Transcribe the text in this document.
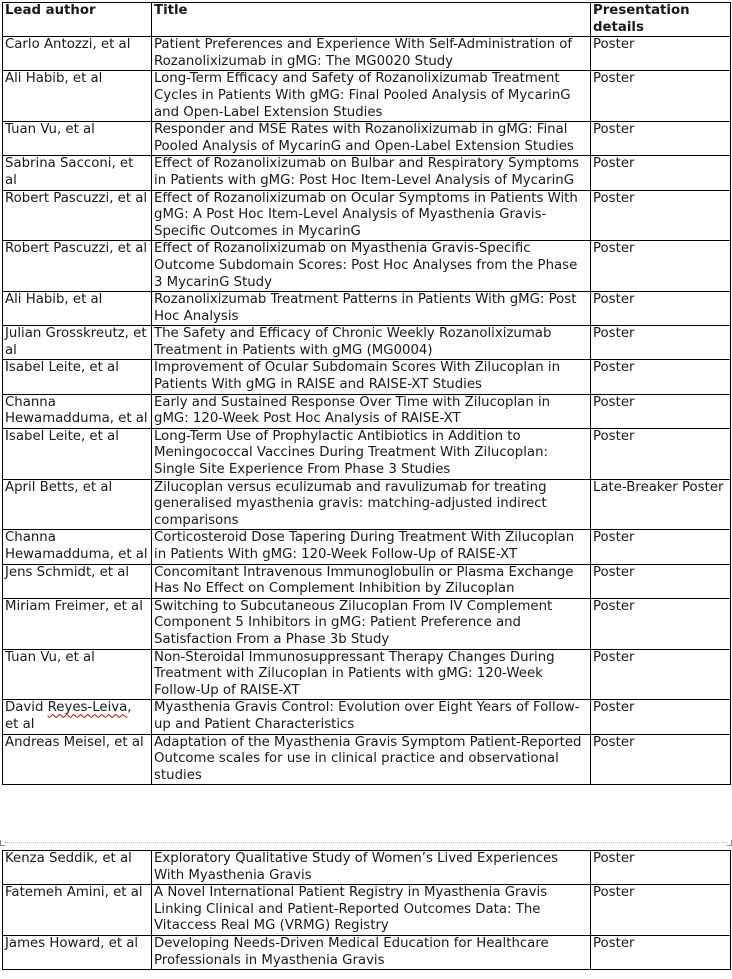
Lead author	Title	Presentation details
Carlo Antozzi, et al	Patient Preferences and Experience With Self-Administration of Rozanolixizumab in gMG: The MG0020 Study	Poster
Ali Habib, et al	Long-Term Efficacy and Safety of Rozanolixizumab Treatment Cycles in Patients With gMG: Final Pooled Analysis of MycarinG and Open-Label Extension Studies	Poster
Tuan Vu, et al	Responder and MSE Rates with Rozanolixizumab in gMG: Final Pooled Analysis of MycarinG and Open-Label Extension Studies	Poster
Sabrina Sacconi, et al	Effect of Rozanolixizumab on Bulbar and Respiratory Symptoms in Patients with gMG: Post Hoc Item-Level Analysis of MycarinG	Poster
Robert Pascuzzi, et al	Effect of Rozanolixizumab on Ocular Symptoms in Patients With gMG: A Post Hoc Item-Level Analysis of Myasthenia Gravis-Specific Outcomes in MycarinG	Poster
Robert Pascuzzi, et al	Effect of Rozanolixizumab on Myasthenia Gravis-Specific Outcome Subdomain Scores: Post Hoc Analyses from the Phase 3 MycarinG Study	Poster
Ali Habib, et al	Rozanolixizumab Treatment Patterns in Patients With gMG: Post Hoc Analysis	Poster
Julian Grosskreutz, et al	The Safety and Efficacy of Chronic Weekly Rozanolixizumab Treatment in Patients with gMG (MG0004)	Poster
Isabel Leite, et al	Improvement of Ocular Subdomain Scores With Zilucoplan in Patients With gMG in RAISE and RAISE-XT Studies	Poster
Channa Hewamadduma, et al	Early and Sustained Response Over Time with Zilucoplan in gMG: 120-Week Post Hoc Analysis of RAISE-XT	Poster
Isabel Leite, et al	Long-Term Use of Prophylactic Antibiotics in Addition to Meningococcal Vaccines During Treatment With Zilucoplan: Single Site Experience From Phase 3 Studies	Poster
April Betts, et al	Zilucoplan versus eculizumab and ravulizumab for treating generalised myasthenia gravis: matching-adjusted indirect comparisons	Late-Breaker Poster
Channa Hewamadduma, et al	Corticosteroid Dose Tapering During Treatment With Zilucoplan in Patients With gMG: 120-Week Follow-Up of RAISE-XT	Poster
Jens Schmidt, et al	Concomitant Intravenous Immunoglobulin or Plasma Exchange Has No Effect on Complement Inhibition by Zilucoplan	Poster
Miriam Freimer, et al	Switching to Subcutaneous Zilucoplan From IV Complement Component 5 Inhibitors in gMG: Patient Preference and Satisfaction From a Phase 3b Study	Poster
Tuan Vu, et al	Non-Steroidal Immunosuppressant Therapy Changes During Treatment with Zilucoplan in Patients with gMG: 120-Week Follow-Up of RAISE-XT	Poster
David Reyes-Leiva, et al	Myasthenia Gravis Control: Evolution over Eight Years of Follow-up and Patient Characteristics	Poster
Andreas Meisel, et al	Adaptation of the Myasthenia Gravis Symptom Patient-Reported Outcome scales for use in clinical practice and observational studies	Poster
Kenza Seddik, et al	Exploratory Qualitative Study of Women’s Lived Experiences With Myasthenia Gravis	Poster
Fatemeh Amini, et al	A Novel International Patient Registry in Myasthenia Gravis Linking Clinical and Patient-Reported Outcomes Data: The Vitaccess Real MG (VRMG) Registry	Poster
James Howard, et al	Developing Needs-Driven Medical Education for Healthcare Professionals in Myasthenia Gravis	Poster
